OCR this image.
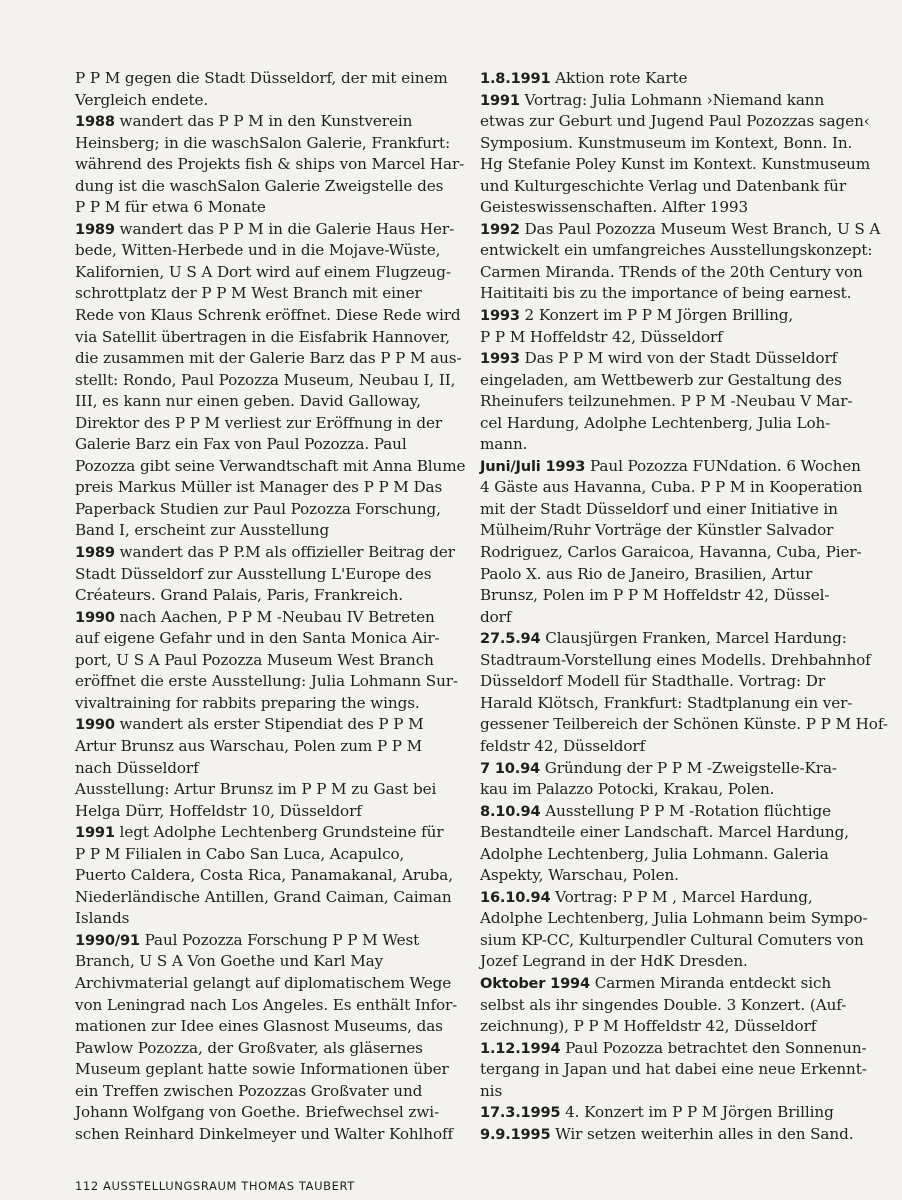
P P M gegen die Stadt Düsseldorf, der mit einem
Vergleich endete.
1988 wandert das P P M in den Kunstverein
Heinsberg; in die waschSalon Galerie, Frankfurt:
während des Projekts fish & ships von Marcel Har-
dung ist die waschSalon Galerie Zweigstelle des
P P M für etwa 6 Monate
1989 wandert das P P M in die Galerie Haus Her-
bede, Witten-Herbede und in die Mojave-Wüste,
Kalifornien, U S A Dort wird auf einem Flugzeug-
schrottplatz der P P M West Branch mit einer
Rede von Klaus Schrenk eröffnet. Diese Rede wird
via Satellit übertragen in die Eisfabrik Hannover,
die zusammen mit der Galerie Barz das P P M aus-
stellt: Rondo, Paul Pozozza Museum, Neubau I, II,
III, es kann nur einen geben. David Galloway,
Direktor des P P M verliest zur Eröffnung in der
Galerie Barz ein Fax von Paul Pozozza. Paul
Pozozza gibt seine Verwandtschaft mit Anna Blume
preis Markus Müller ist Manager des P P M Das
Paperback Studien zur Paul Pozozza Forschung,
Band I, erscheint zur Ausstellung
1989 wandert das P P.M als offizieller Beitrag der
Stadt Düsseldorf zur Ausstellung L'Europe des
Créateurs. Grand Palais, Paris, Frankreich.
1990 nach Aachen, P P M -Neubau IV Betreten
auf eigene Gefahr und in den Santa Monica Air-
port, U S A Paul Pozozza Museum West Branch
eröffnet die erste Ausstellung: Julia Lohmann Sur-
vivaltraining for rabbits preparing the wings.
1990 wandert als erster Stipendiat des P P M
Artur Brunsz aus Warschau, Polen zum P P M
nach Düsseldorf
Ausstellung: Artur Brunsz im P P M zu Gast bei
Helga Dürr, Hoffeldstr 10, Düsseldorf
1991 legt Adolphe Lechtenberg Grundsteine für
P P M Filialen in Cabo San Luca, Acapulco,
Puerto Caldera, Costa Rica, Panamakanal, Aruba,
Niederländische Antillen, Grand Caiman, Caiman
Islands
1990/91 Paul Pozozza Forschung P P M West
Branch, U S A Von Goethe und Karl May
Archivmaterial gelangt auf diplomatischem Wege
von Leningrad nach Los Angeles. Es enthält Infor-
mationen zur Idee eines Glasnost Museums, das
Pawlow Pozozza, der Großvater, als gläsernes
Museum geplant hatte sowie Informationen über
ein Treffen zwischen Pozozzas Großvater und
Johann Wolfgang von Goethe. Briefwechsel zwi-
schen Reinhard Dinkelmeyer und Walter Kohlhoff
1.8.1991 Aktion rote Karte
1991 Vortrag: Julia Lohmann ›Niemand kann
etwas zur Geburt und Jugend Paul Pozozzas sagen‹
Symposium. Kunstmuseum im Kontext, Bonn. In.
Hg Stefanie Poley Kunst im Kontext. Kunstmuseum
und Kulturgeschichte Verlag und Datenbank für
Geisteswissenschaften. Alfter 1993
1992 Das Paul Pozozza Museum West Branch, U S A
entwickelt ein umfangreiches Ausstellungskonzept:
Carmen Miranda. TRends of the 20th Century von
Haititaiti bis zu the importance of being earnest.
1993 2 Konzert im P P M Jörgen Brilling,
P P M Hoffeldstr 42, Düsseldorf
1993 Das P P M wird von der Stadt Düsseldorf
eingeladen, am Wettbewerb zur Gestaltung des
Rheinufers teilzunehmen. P P M -Neubau V Mar-
cel Hardung, Adolphe Lechtenberg, Julia Loh-
mann.
Juni/Juli 1993 Paul Pozozza FUNdation. 6 Wochen
4 Gäste aus Havanna, Cuba. P P M in Kooperation
mit der Stadt Düsseldorf und einer Initiative in
Mülheim/Ruhr Vorträge der Künstler Salvador
Rodriguez, Carlos Garaicoa, Havanna, Cuba, Pier-
Paolo X. aus Rio de Janeiro, Brasilien, Artur
Brunsz, Polen im P P M Hoffeldstr 42, Düssel-
dorf
27.5.94 Clausjürgen Franken, Marcel Hardung:
Stadtraum-Vorstellung eines Modells. Drehbahnhof
Düsseldorf Modell für Stadthalle. Vortrag: Dr
Harald Klötsch, Frankfurt: Stadtplanung ein ver-
gessener Teilbereich der Schönen Künste. P P M Hof-
feldstr 42, Düsseldorf
7 10.94 Gründung der P P M -Zweigstelle-Kra-
kau im Palazzo Potocki, Krakau, Polen.
8.10.94 Ausstellung P P M -Rotation flüchtige
Bestandteile einer Landschaft. Marcel Hardung,
Adolphe Lechtenberg, Julia Lohmann. Galeria
Aspekty, Warschau, Polen.
16.10.94 Vortrag: P P M , Marcel Hardung,
Adolphe Lechtenberg, Julia Lohmann beim Sympo-
sium KP-CC, Kulturpendler Cultural Comuters von
Jozef Legrand in der HdK Dresden.
Oktober 1994 Carmen Miranda entdeckt sich
selbst als ihr singendes Double. 3 Konzert. (Auf-
zeichnung), P P M Hoffeldstr 42, Düsseldorf
1.12.1994 Paul Pozozza betrachtet den Sonnenun-
tergang in Japan und hat dabei eine neue Erkennt-
nis
17.3.1995 4. Konzert im P P M Jörgen Brilling
9.9.1995 Wir setzen weiterhin alles in den Sand.
112 AUSSTELLUNGSRAUM THOMAS TAUBERT
